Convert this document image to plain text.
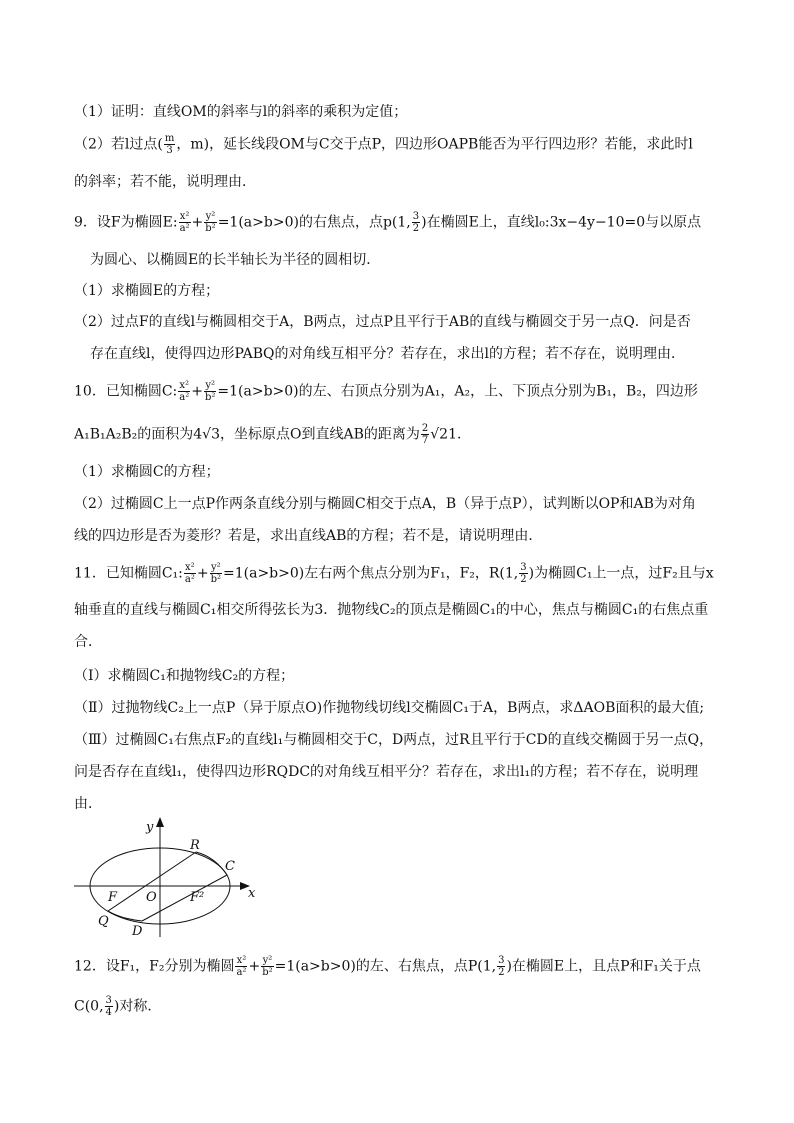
（1）证明：直线OM的斜率与l的斜率的乘积为定值；
（2）若l过点( $\frac{m}{3}$ ，m)，延长线段OM与C交于点P，四边形OAPB能否为平行四边形？若能，求此时l
的斜率；若不能，说明理由．
9．设F为椭圆E: $\frac{\text{x²}}{\text{a²}} + \frac{\text{y²}}{\text{b²}} =1(a>b>0)$的右焦点，点p(1, $\frac{3}{2}$ )在椭圆E上，直线l₀:3x−4y−10=0与以原点
为圆心、以椭圆E的长半轴长为半径的圆相切．
（1）求椭圆E的方程；
（2）过点F的直线l与椭圆相交于A，B两点，过点P且平行于AB的直线与椭圆交于另一点Q．问是否
存在直线l，使得四边形PABQ的对角线互相平分？若存在，求出l的方程；若不存在，说明理由．
10．已知椭圆C: $\frac{\text{x²}}{\text{a²}} + \frac{\text{y²}}{\text{b²}} =1(a>b>0)$的左、右顶点分别为A₁，A₂，上、下顶点分别为B₁，B₂，四边形
A₁B₁A₂B₂的面积为4√3，坐标原点O到直线AB的距离为 $\frac{2}{7} √21$．
（1）求椭圆C的方程；
（2）过椭圆C上一点P作两条直线分别与椭圆C相交于点A，B（异于点P），试判断以OP和AB为对角
线的四边形是否为菱形？若是，求出直线AB的方程；若不是，请说明理由．
11．已知椭圆C₁: $\frac{\text{x²}}{\text{a²}} + \frac{\text{y²}}{\text{b²}} =1(a>b>0)$左右两个焦点分别为F₁，F₂，R(1, $\frac{3}{2}$ )为椭圆C₁上一点，过F₂且与x
轴垂直的直线与椭圆C₁相交所得弦长为3．抛物线C₂的顶点是椭圆C₁的中心，焦点与椭圆C₁的右焦点重
合．
（Ⅰ）求椭圆C₁和抛物线C₂的方程；
（Ⅱ）过抛物线C₂上一点P（异于原点O)作抛物线切线l交椭圆C₁于A，B两点，求ΔAOB面积的最大值;
（Ⅲ）过椭圆C₁右焦点F₂的直线l₁与椭圆相交于C，D两点，过R且平行于CD的直线交椭圆于另一点Q，
问是否存在直线l₁，使得四边形RQDC的对角线互相平分？若存在，求出l₁的方程；若不存在，说明理
由．
y
x
R
C
F O	F²
Q
D
12．设F₁，F₂分别为椭圆 $\frac{\text{x²}}{\text{a²}} + \frac{\text{y²}}{\text{b²}} =1(a>b>0)$的左、右焦点，点P(1, $\frac{3}{2}$ )在椭圆E上，且点P和F₁关于点
C(0, $\frac{3}{4}$ )对称．
